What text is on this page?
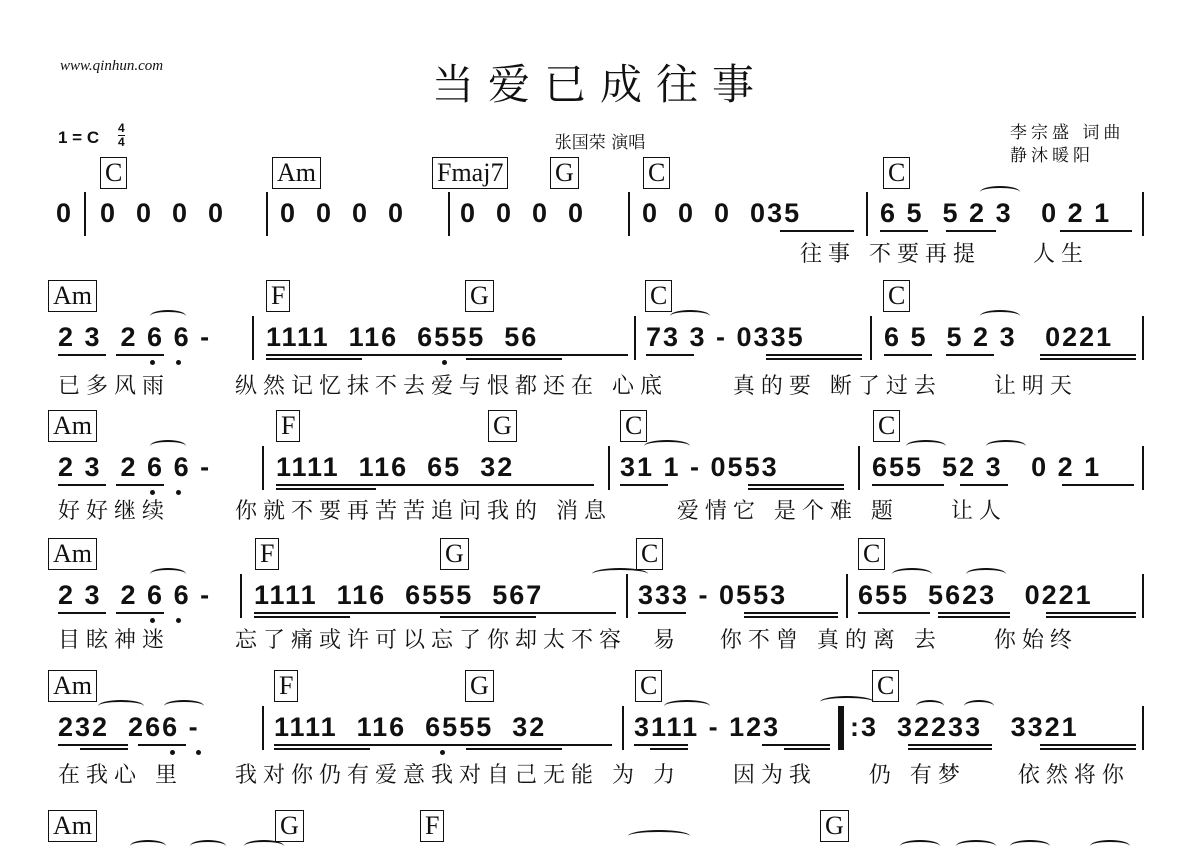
www.qinhun.com	当爱已成往事
1 = C 4
4	张国荣 演唱	李宗盛 词曲
静沐暖阳
C	Am	Fmaj7 G	C	C
0 0  0  0  0 0  0  0  0 0  0  0  0 0  0  0  035	6 5  5 2 3   0 2 1
往事 不要再提    人生
Am	F	G	C	C
2 3  2 6 6 - 1111  116  6555  56	73 3 - 0335	6 5  5 2 3   0221
已多风雨     纵然记忆抹不去爱与恨都还在 心底     真的要 断了过去    让明天
Am	F	G	C	C
2 3  2 6 6 - 1111  116  65  32	31 1 - 0553	655  52 3   0 2 1
好好继续     你就不要再苦苦追问我的 消息     爱情它 是个难 题    让人
Am	F	G	C	C
2 3  2 6 6 - 1111  116  6555  567	333 - 0553	655  5623   0221
目眩神迷     忘了痛或许可以忘了你却太不容  易   你不曾 真的离 去    你始终
Am	F	G	C	C
232  266 -	1111  116  6555  32	3111 - 123	:3  32233   3321
在我心 里    我对你仍有爱意我对自己无能 为 力    因为我    仍 有梦    依然将你
Am	G	F	G
